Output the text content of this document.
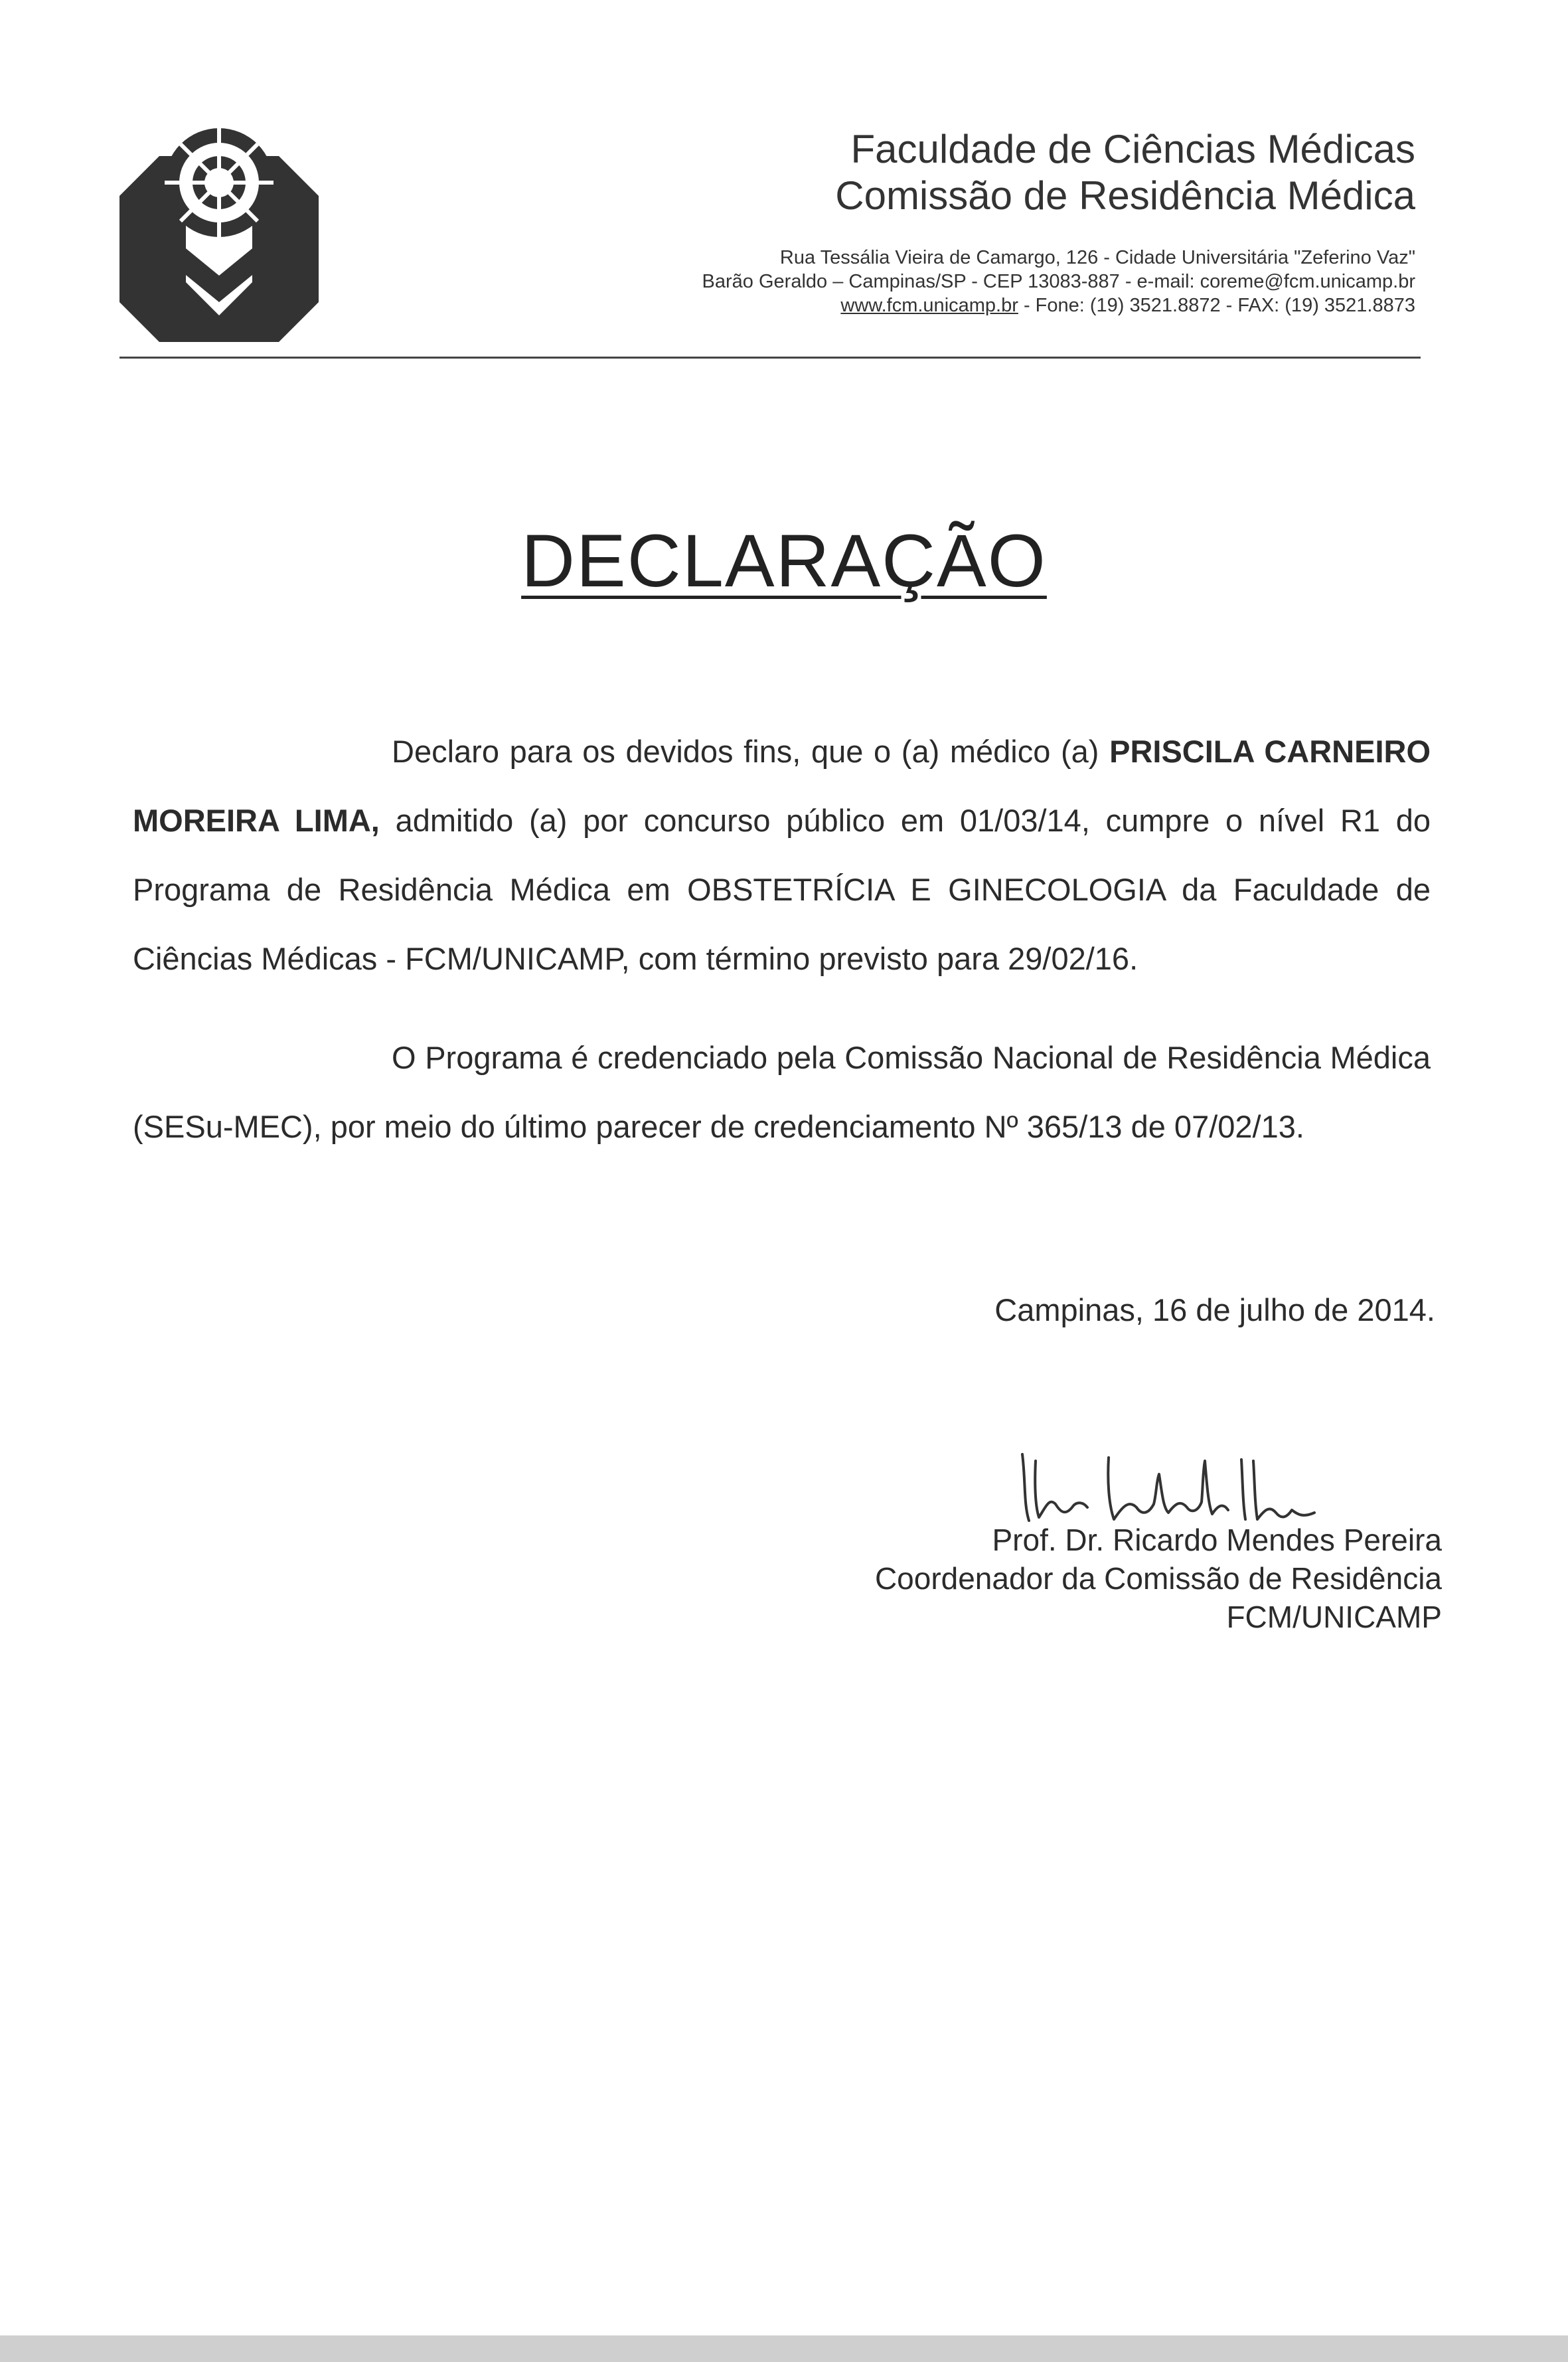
Faculdade de Ciências Médicas
Comissão de Residência Médica
Rua Tessália Vieira de Camargo, 126 - Cidade Universitária "Zeferino Vaz"
Barão Geraldo – Campinas/SP - CEP 13083-887 - e-mail: coreme@fcm.unicamp.br
www.fcm.unicamp.br - Fone: (19) 3521.8872 - FAX: (19) 3521.8873
DECLARAÇÃO

Declaro para os devidos fins, que o (a) médico (a) PRISCILA CARNEIRO MOREIRA LIMA, admitido (a) por concurso público em 01/03/14, cumpre o nível R1 do Programa de Residência Médica em OBSTETRÍCIA E GINECOLOGIA da Faculdade de Ciências Médicas - FCM/UNICAMP, com término previsto para 29/02/16.

O Programa é credenciado pela Comissão Nacional de Residência Médica (SESu-MEC), por meio do último parecer de credenciamento Nº 365/13 de 07/02/13.

Campinas, 16 de julho de 2014.
Prof. Dr. Ricardo Mendes Pereira
Coordenador da Comissão de Residência
FCM/UNICAMP
